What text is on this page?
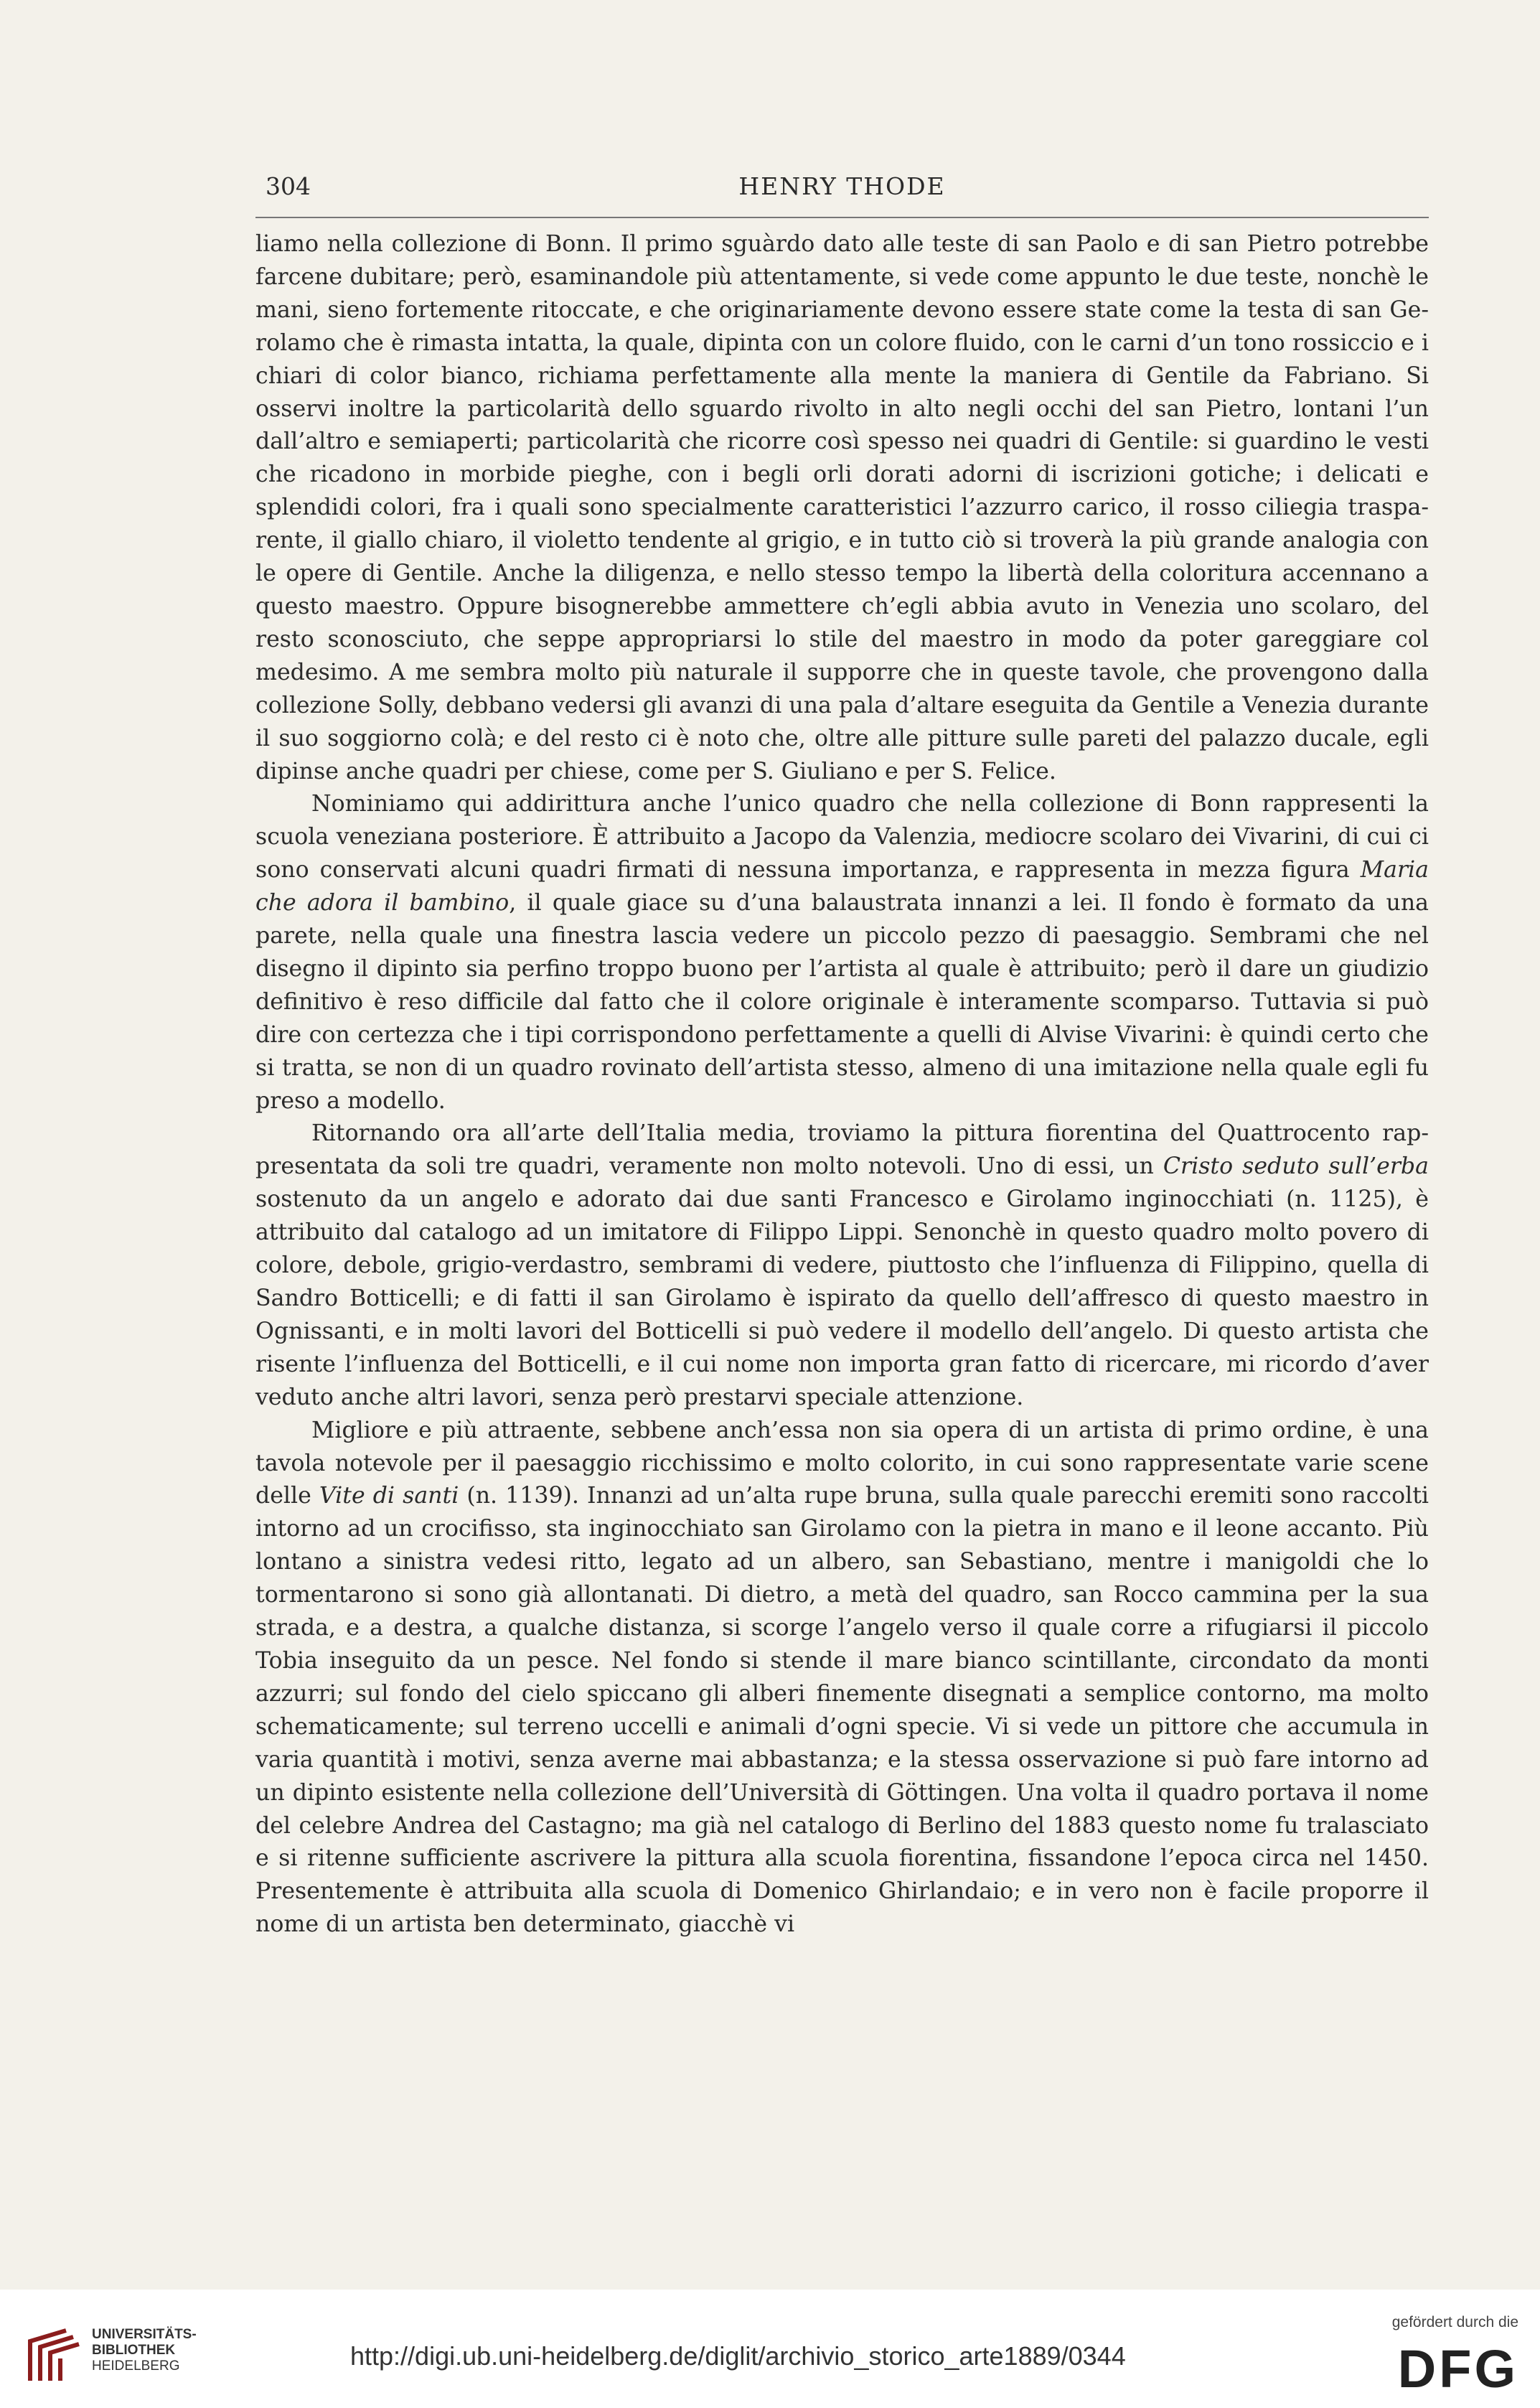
304	HENRY THODE

liamo nella collezione di Bonn. Il primo sguàrdo dato alle teste di san Paolo e di san Pietro potrebbe farcene dubitare; però, esaminandole più attentamente, si vede come appunto le due teste, nonchè le mani, sieno fortemente ritoccate, e che originariamente devono essere state come la testa di san Gerolamo che è rimasta intatta, la quale, dipinta con un colore fluido, con le carni d’un tono rossiccio e i chiari di color bianco, richiama perfettamente alla mente la maniera di Gentile da Fabriano. Si osservi inoltre la particolarità dello sguardo rivolto in alto negli occhi del san Pietro, lontani l’un dall’altro e semiaperti; particolarità che ricorre così spesso nei quadri di Gentile: si guardino le vesti che ricadono in morbide pieghe, con i begli orli dorati adorni di iscrizioni gotiche; i delicati e splendidi colori, fra i quali sono specialmente caratteristici l’azzurro carico, il rosso ciliegia trasparente, il giallo chiaro, il violetto tendente al grigio, e in tutto ciò si troverà la più grande analogia con le opere di Gentile. Anche la diligenza, e nello stesso tempo la libertà della coloritura accennano a questo maestro. Oppure bisognerebbe ammettere ch’egli abbia avuto in Venezia uno scolaro, del resto sconosciuto, che seppe appropriarsi lo stile del maestro in modo da poter gareggiare col medesimo. A me sembra molto più naturale il supporre che in queste tavole, che provengono dalla collezione Solly, debbano vedersi gli avanzi di una pala d’altare eseguita da Gentile a Venezia durante il suo soggiorno colà; e del resto ci è noto che, oltre alle pitture sulle pareti del palazzo ducale, egli dipinse anche quadri per chiese, come per S. Giuliano e per S. Felice.

Nominiamo qui addirittura anche l’unico quadro che nella collezione di Bonn rappresenti la scuola veneziana posteriore. È attribuito a Jacopo da Valenzia, mediocre scolaro dei Vivarini, di cui ci sono conservati alcuni quadri firmati di nessuna importanza, e rappresenta in mezza figura Maria che adora il bambino, il quale giace su d’una balaustrata innanzi a lei. Il fondo è formato da una parete, nella quale una finestra lascia vedere un piccolo pezzo di paesaggio. Sembrami che nel disegno il dipinto sia perfino troppo buono per l’artista al quale è attribuito; però il dare un giudizio definitivo è reso difficile dal fatto che il colore originale è interamente scomparso. Tuttavia si può dire con certezza che i tipi corrispondono perfettamente a quelli di Alvise Vivarini: è quindi certo che si tratta, se non di un quadro rovinato dell’artista stesso, almeno di una imitazione nella quale egli fu preso a modello.

Ritornando ora all’arte dell’Italia media, troviamo la pittura fiorentina del Quattrocento rappresentata da soli tre quadri, veramente non molto notevoli. Uno di essi, un Cristo seduto sull’erba sostenuto da un angelo e adorato dai due santi Francesco e Girolamo inginocchiati (n. 1125), è attribuito dal catalogo ad un imitatore di Filippo Lippi. Senonchè in questo quadro molto povero di colore, debole, grigio-verdastro, sembrami di vedere, piuttosto che l’influenza di Filippino, quella di Sandro Botticelli; e di fatti il san Girolamo è ispirato da quello dell’affresco di questo maestro in Ognissanti, e in molti lavori del Botticelli si può vedere il modello dell’angelo. Di questo artista che risente l’influenza del Botticelli, e il cui nome non importa gran fatto di ricercare, mi ricordo d’aver veduto anche altri lavori, senza però prestarvi speciale attenzione.

Migliore e più attraente, sebbene anch’essa non sia opera di un artista di primo ordine, è una tavola notevole per il paesaggio ricchissimo e molto colorito, in cui sono rappresentate varie scene delle Vite di santi (n. 1139). Innanzi ad un’alta rupe bruna, sulla quale parecchi eremiti sono raccolti intorno ad un crocifisso, sta inginocchiato san Girolamo con la pietra in mano e il leone accanto. Più lontano a sinistra vedesi ritto, legato ad un albero, san Sebastiano, mentre i manigoldi che lo tormentarono si sono già allontanati. Di dietro, a metà del quadro, san Rocco cammina per la sua strada, e a destra, a qualche distanza, si scorge l’angelo verso il quale corre a rifugiarsi il piccolo Tobia inseguito da un pesce. Nel fondo si stende il mare bianco scintillante, circondato da monti azzurri; sul fondo del cielo spiccano gli alberi finemente disegnati a semplice contorno, ma molto schematicamente; sul terreno uccelli e animali d’ogni specie. Vi si vede un pittore che accumula in varia quantità i motivi, senza averne mai abbastanza; e la stessa osservazione si può fare intorno ad un dipinto esistente nella collezione dell’Università di Göttingen. Una volta il quadro portava il nome del celebre Andrea del Castagno; ma già nel catalogo di Berlino del 1883 questo nome fu tralasciato e si ritenne sufficiente ascrivere la pittura alla scuola fiorentina, fissandone l’epoca circa nel 1450. Presentemente è attribuita alla scuola di Domenico Ghirlandaio; e in vero non è facile proporre il nome di un artista ben determinato, giacchè vi

UNIVERSITÄTS-
BIBLIOTHEK
HEIDELBERG	http://digi.ub.uni-heidelberg.de/diglit/archivio_storico_arte1889/0344
gefördert durch die
DFG
